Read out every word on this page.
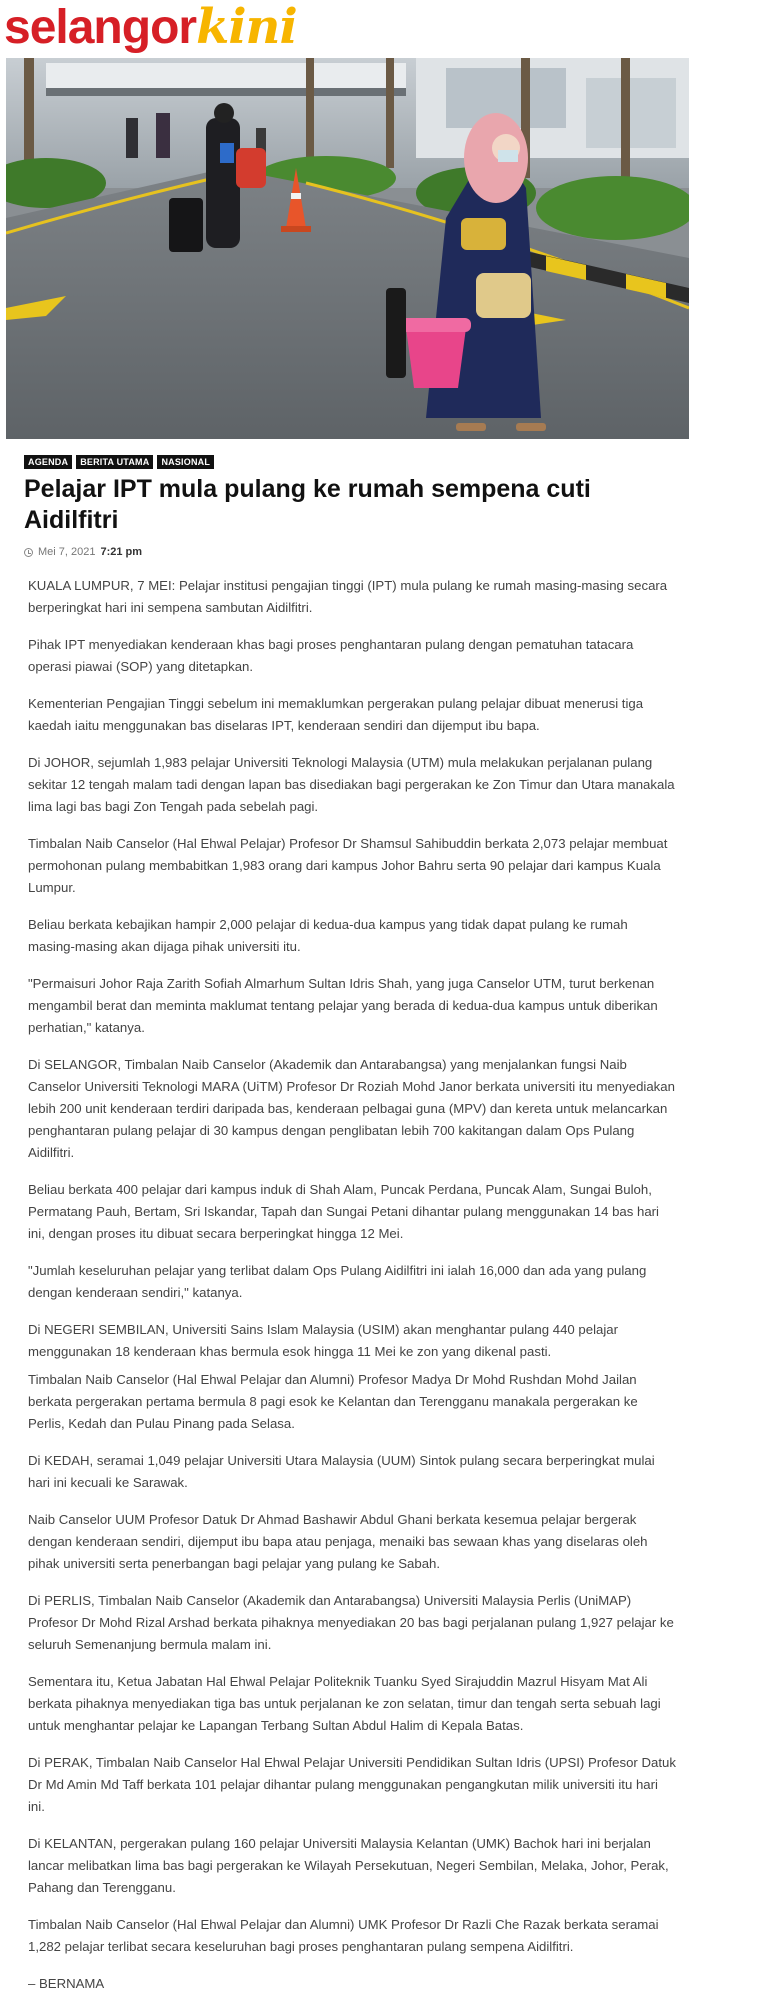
selangorkini
AGENDA	BERITA UTAMA	NASIONAL
Pelajar IPT mula pulang ke rumah sempena cuti Aidilfitri
Mei 7, 2021 7:21 pm

KUALA LUMPUR, 7 MEI: Pelajar institusi pengajian tinggi (IPT) mula pulang ke rumah masing-masing secara berperingkat hari ini sempena sambutan Aidilfitri.

Pihak IPT menyediakan kenderaan khas bagi proses penghantaran pulang dengan pematuhan tatacara operasi piawai (SOP) yang ditetapkan.

Kementerian Pengajian Tinggi sebelum ini memaklumkan pergerakan pulang pelajar dibuat menerusi tiga kaedah iaitu menggunakan bas diselaras IPT, kenderaan sendiri dan dijemput ibu bapa.

Di JOHOR, sejumlah 1,983 pelajar Universiti Teknologi Malaysia (UTM) mula melakukan perjalanan pulang sekitar 12 tengah malam tadi dengan lapan bas disediakan bagi pergerakan ke Zon Timur dan Utara manakala lima lagi bas bagi Zon Tengah pada sebelah pagi.

Timbalan Naib Canselor (Hal Ehwal Pelajar) Profesor Dr Shamsul Sahibuddin berkata 2,073 pelajar membuat permohonan pulang membabitkan 1,983 orang dari kampus Johor Bahru serta 90 pelajar dari kampus Kuala Lumpur.

Beliau berkata kebajikan hampir 2,000 pelajar di kedua-dua kampus yang tidak dapat pulang ke rumah masing-masing akan dijaga pihak universiti itu.

"Permaisuri Johor Raja Zarith Sofiah Almarhum Sultan Idris Shah, yang juga Canselor UTM, turut berkenan mengambil berat dan meminta maklumat tentang pelajar yang berada di kedua-dua kampus untuk diberikan perhatian," katanya.

Di SELANGOR, Timbalan Naib Canselor (Akademik dan Antarabangsa) yang menjalankan fungsi Naib Canselor Universiti Teknologi MARA (UiTM) Profesor Dr Roziah Mohd Janor berkata universiti itu menyediakan lebih 200 unit kenderaan terdiri daripada bas, kenderaan pelbagai guna (MPV) dan kereta untuk melancarkan penghantaran pulang pelajar di 30 kampus dengan penglibatan lebih 700 kakitangan dalam Ops Pulang Aidilfitri.

Beliau berkata 400 pelajar dari kampus induk di Shah Alam, Puncak Perdana, Puncak Alam, Sungai Buloh, Permatang Pauh, Bertam, Sri Iskandar, Tapah dan Sungai Petani dihantar pulang menggunakan 14 bas hari ini, dengan proses itu dibuat secara berperingkat hingga 12 Mei.

"Jumlah keseluruhan pelajar yang terlibat dalam Ops Pulang Aidilfitri ini ialah 16,000 dan ada yang pulang dengan kenderaan sendiri," katanya.

Di NEGERI SEMBILAN, Universiti Sains Islam Malaysia (USIM) akan menghantar pulang 440 pelajar menggunakan 18 kenderaan khas bermula esok hingga 11 Mei ke zon yang dikenal pasti.

Timbalan Naib Canselor (Hal Ehwal Pelajar dan Alumni) Profesor Madya Dr Mohd Rushdan Mohd Jailan berkata pergerakan pertama bermula 8 pagi esok ke Kelantan dan Terengganu manakala pergerakan ke Perlis, Kedah dan Pulau Pinang pada Selasa.

Di KEDAH, seramai 1,049 pelajar Universiti Utara Malaysia (UUM) Sintok pulang secara berperingkat mulai hari ini kecuali ke Sarawak.

Naib Canselor UUM Profesor Datuk Dr Ahmad Bashawir Abdul Ghani berkata kesemua pelajar bergerak dengan kenderaan sendiri, dijemput ibu bapa atau penjaga, menaiki bas sewaan khas yang diselaras oleh pihak universiti serta penerbangan bagi pelajar yang pulang ke Sabah.

Di PERLIS, Timbalan Naib Canselor (Akademik dan Antarabangsa) Universiti Malaysia Perlis (UniMAP) Profesor Dr Mohd Rizal Arshad berkata pihaknya menyediakan 20 bas bagi perjalanan pulang 1,927 pelajar ke seluruh Semenanjung bermula malam ini.

Sementara itu, Ketua Jabatan Hal Ehwal Pelajar Politeknik Tuanku Syed Sirajuddin Mazrul Hisyam Mat Ali berkata pihaknya menyediakan tiga bas untuk perjalanan ke zon selatan, timur dan tengah serta sebuah lagi untuk menghantar pelajar ke Lapangan Terbang Sultan Abdul Halim di Kepala Batas.

Di PERAK, Timbalan Naib Canselor Hal Ehwal Pelajar Universiti Pendidikan Sultan Idris (UPSI) Profesor Datuk Dr Md Amin Md Taff berkata 101 pelajar dihantar pulang menggunakan pengangkutan milik universiti itu hari ini.

Di KELANTAN, pergerakan pulang 160 pelajar Universiti Malaysia Kelantan (UMK) Bachok hari ini berjalan lancar melibatkan lima bas bagi pergerakan ke Wilayah Persekutuan, Negeri Sembilan, Melaka, Johor, Perak, Pahang dan Terengganu.

Timbalan Naib Canselor (Hal Ehwal Pelajar dan Alumni) UMK Profesor Dr Razli Che Razak berkata seramai 1,282 pelajar terlibat secara keseluruhan bagi proses penghantaran pulang sempena Aidilfitri.

– BERNAMA
